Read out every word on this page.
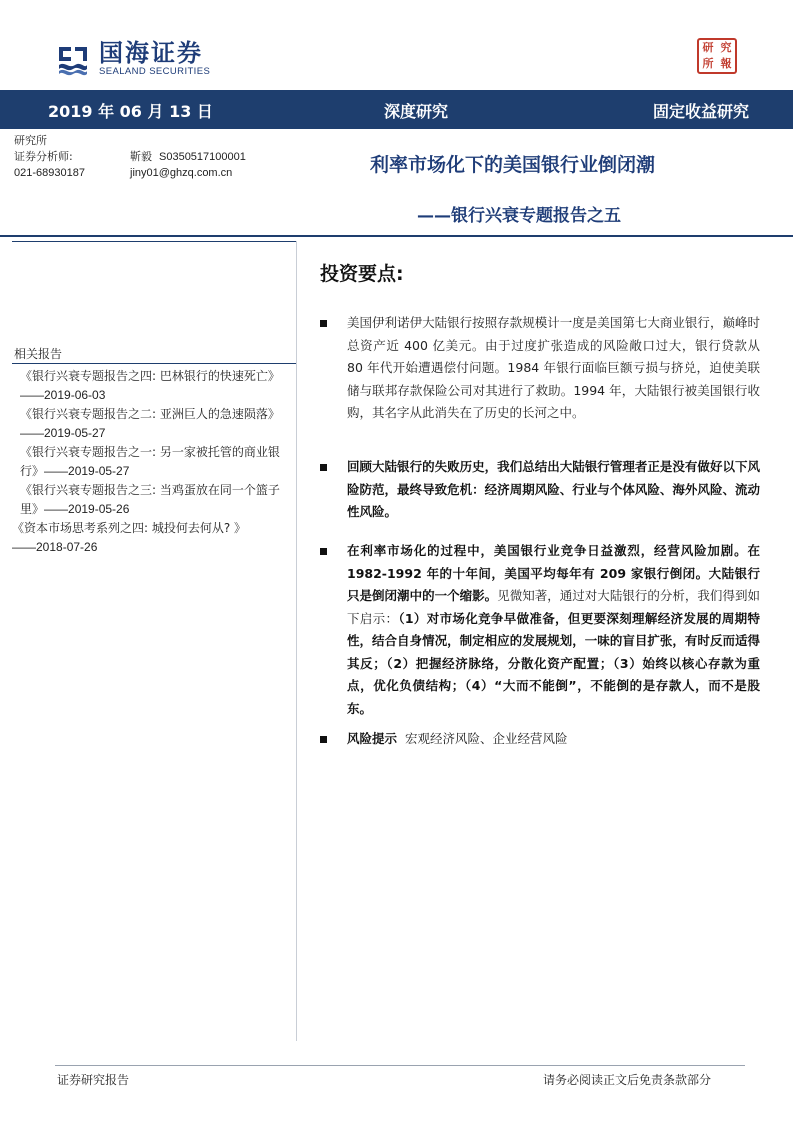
国海证券
SEALAND SECURITIES
研 究
所 報
2019 年 06 月 13 日	深度研究	固定收益研究
研究所
证券分析师:	靳毅 S0350517100001
021-68930187	jiny01@ghzq.com.cn	利率市场化下的美国银行业倒闭潮
——银行兴衰专题报告之五
相关报告
《银行兴衰专题报告之四: 巴林银行的快速死亡》——2019-06-03
《银行兴衰专题报告之二: 亚洲巨人的急速陨落》——2019-05-27
《银行兴衰专题报告之一: 另一家被托管的商业银行》——2019-05-27
《银行兴衰专题报告之三: 当鸡蛋放在同一个篮子里》——2019-05-26
《资本市场思考系列之四: 城投何去何从? 》
——2018-07-26
投资要点:
美国伊利诺伊大陆银行按照存款规模计一度是美国第七大商业银行，巅峰时总资产近 400 亿美元。由于过度扩张造成的风险敞口过大，银行贷款从 80 年代开始遭遇偿付问题。1984 年银行面临巨额亏损与挤兑，迫使美联储与联邦存款保险公司对其进行了救助。1994 年，大陆银行被美国银行收购，其名字从此消失在了历史的长河之中。
回顾大陆银行的失败历史，我们总结出大陆银行管理者正是没有做好以下风险防范，最终导致危机：经济周期风险、行业与个体风险、海外风险、流动性风险。
在利率市场化的过程中，美国银行业竞争日益激烈，经营风险加剧。在 1982-1992 年的十年间，美国平均每年有 209 家银行倒闭。大陆银行只是倒闭潮中的一个缩影。见微知著，通过对大陆银行的分析，我们得到如下启示：（1）对市场化竞争早做准备，但更要深刻理解经济发展的周期特性，结合自身情况，制定相应的发展规划，一味的盲目扩张，有时反而适得其反；（2）把握经济脉络，分散化资产配置；（3）始终以核心存款为重点，优化负债结构；（4）“大而不能倒”，不能倒的是存款人，而不是股东。
风险提示 宏观经济风险、企业经营风险
证券研究报告	请务必阅读正文后免责条款部分
